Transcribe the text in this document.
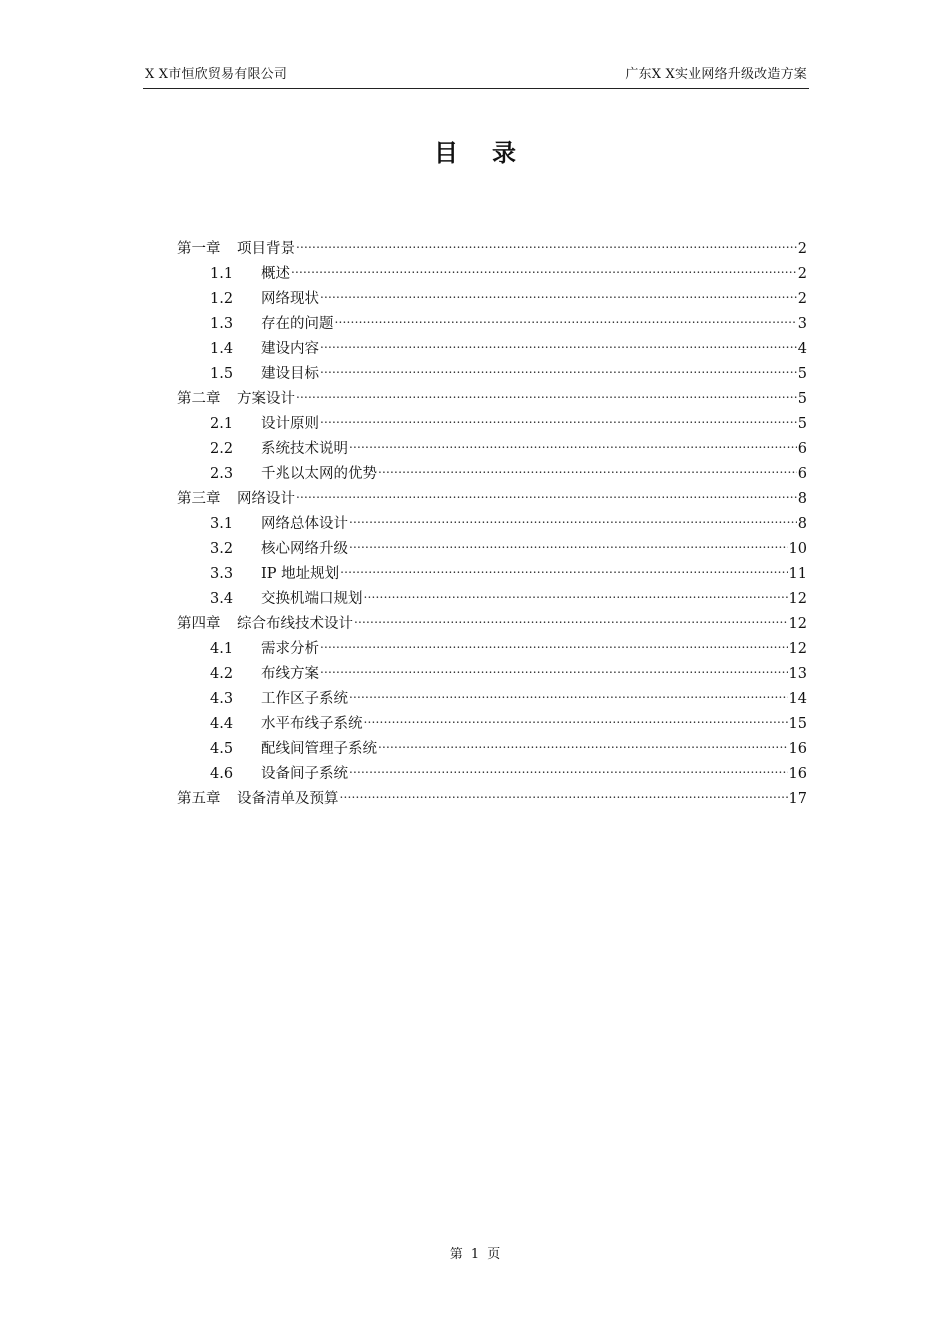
X X市恒欣贸易有限公司	广东X X实业网络升级改造方案
目录
第一章	项目背景 .....	2
1.1	概述 .....	2
1.2	网络现状 .....	2
1.3	存在的问题 .....	3
1.4	建设内容 .....	4
1.5	建设目标 .....	5
第二章	方案设计 .....	5
2.1	设计原则 .....	5
2.2	系统技术说明 .....	6
2.3	千兆以太网的优势 .....	6
第三章	网络设计 .....	8
3.1	网络总体设计 .....	8
3.2	核心网络升级 .....	10
3.3	IP 地址规划 .....	11
3.4	交换机端口规划 .....	12
第四章	综合布线技术设计 .....	12
4.1	需求分析 .....	12
4.2	布线方案 .....	13
4.3	工作区子系统 .....	14
4.4	水平布线子系统 .....	15
4.5	配线间管理子系统 .....	16
4.6	设备间子系统 .....	16
第五章	设备清单及预算 .....	17
第 1 页
